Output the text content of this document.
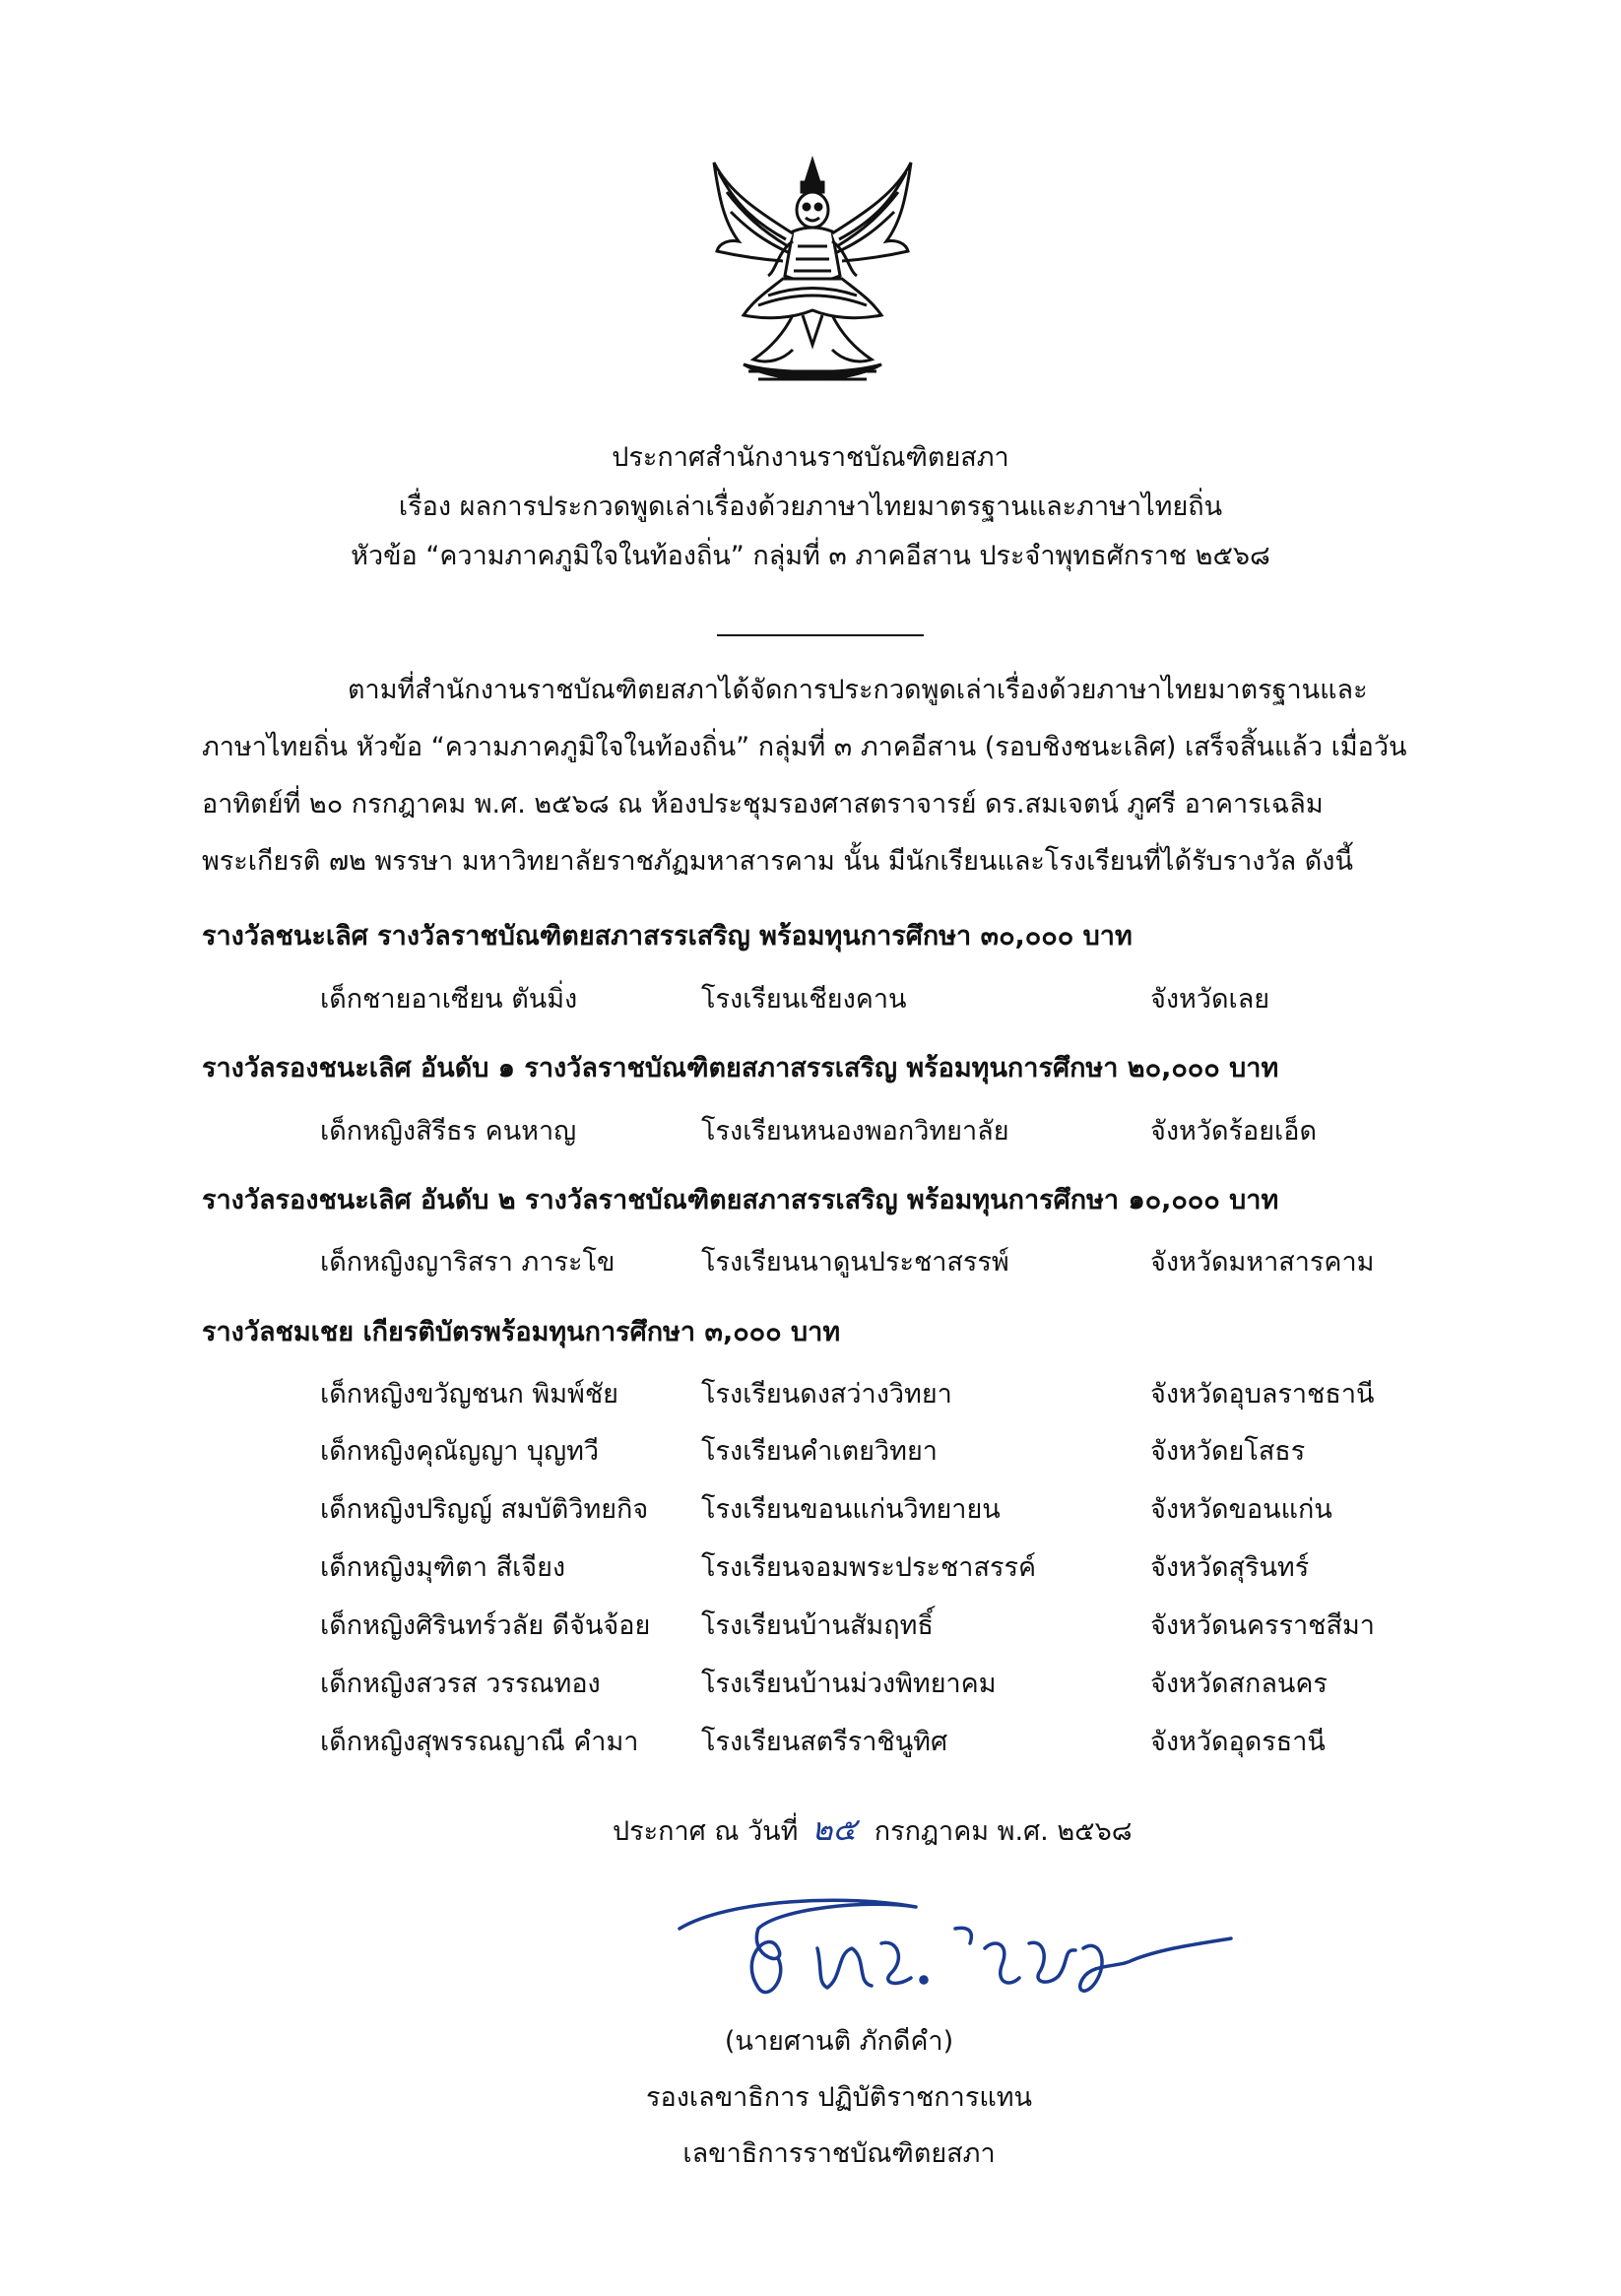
ประกาศสำนักงานราชบัณฑิตยสภา
เรื่อง ผลการประกวดพูดเล่าเรื่องด้วยภาษาไทยมาตรฐานและภาษาไทยถิ่น
หัวข้อ “ความภาคภูมิใจในท้องถิ่น” กลุ่มที่ ๓ ภาคอีสาน ประจำพุทธศักราช ๒๕๖๘
ตามที่สำนักงานราชบัณฑิตยสภาได้จัดการประกวดพูดเล่าเรื่องด้วยภาษาไทยมาตรฐานและ
ภาษาไทยถิ่น หัวข้อ “ความภาคภูมิใจในท้องถิ่น” กลุ่มที่ ๓ ภาคอีสาน (รอบชิงชนะเลิศ) เสร็จสิ้นแล้ว เมื่อวัน
อาทิตย์ที่ ๒๐ กรกฎาคม พ.ศ. ๒๕๖๘ ณ ห้องประชุมรองศาสตราจารย์ ดร.สมเจตน์ ภูศรี อาคารเฉลิม
พระเกียรติ ๗๒ พรรษา มหาวิทยาลัยราชภัฏมหาสารคาม นั้น มีนักเรียนและโรงเรียนที่ได้รับรางวัล ดังนี้
รางวัลชนะเลิศ รางวัลราชบัณฑิตยสภาสรรเสริญ พร้อมทุนการศึกษา ๓๐,๐๐๐ บาท
เด็กชายอาเซียน ตันมิ่ง	โรงเรียนเชียงคาน	จังหวัดเลย
รางวัลรองชนะเลิศ อันดับ ๑ รางวัลราชบัณฑิตยสภาสรรเสริญ พร้อมทุนการศึกษา ๒๐,๐๐๐ บาท
เด็กหญิงสิรีธร คนหาญ	โรงเรียนหนองพอกวิทยาลัย	จังหวัดร้อยเอ็ด
รางวัลรองชนะเลิศ อันดับ ๒ รางวัลราชบัณฑิตยสภาสรรเสริญ พร้อมทุนการศึกษา ๑๐,๐๐๐ บาท
เด็กหญิงญาริสรา ภาระโข	โรงเรียนนาดูนประชาสรรพ์	จังหวัดมหาสารคาม
รางวัลชมเชย เกียรติบัตรพร้อมทุนการศึกษา ๓,๐๐๐ บาท
เด็กหญิงขวัญชนก พิมพ์ชัย	โรงเรียนดงสว่างวิทยา	จังหวัดอุบลราชธานี
เด็กหญิงคุณัญญา บุญทวี	โรงเรียนคำเตยวิทยา	จังหวัดยโสธร
เด็กหญิงปริญญ์ สมบัติวิทยกิจ โรงเรียนขอนแก่นวิทยายน	จังหวัดขอนแก่น
เด็กหญิงมุฑิตา สีเจียง	โรงเรียนจอมพระประชาสรรค์	จังหวัดสุรินทร์
เด็กหญิงศิรินทร์วลัย ดีจันจ้อย โรงเรียนบ้านสัมฤทธิ์	จังหวัดนครราชสีมา
เด็กหญิงสวรส วรรณทอง	โรงเรียนบ้านม่วงพิทยาคม	จังหวัดสกลนคร
เด็กหญิงสุพรรณญาณี คำมา โรงเรียนสตรีราชินูทิศ	จังหวัดอุดรธานี
ประกาศ ณ วันที่ ๒๕ กรกฎาคม พ.ศ. ๒๕๖๘
(นายศานติ ภักดีคำ)
รองเลขาธิการ ปฏิบัติราชการแทน
เลขาธิการราชบัณฑิตยสภา
